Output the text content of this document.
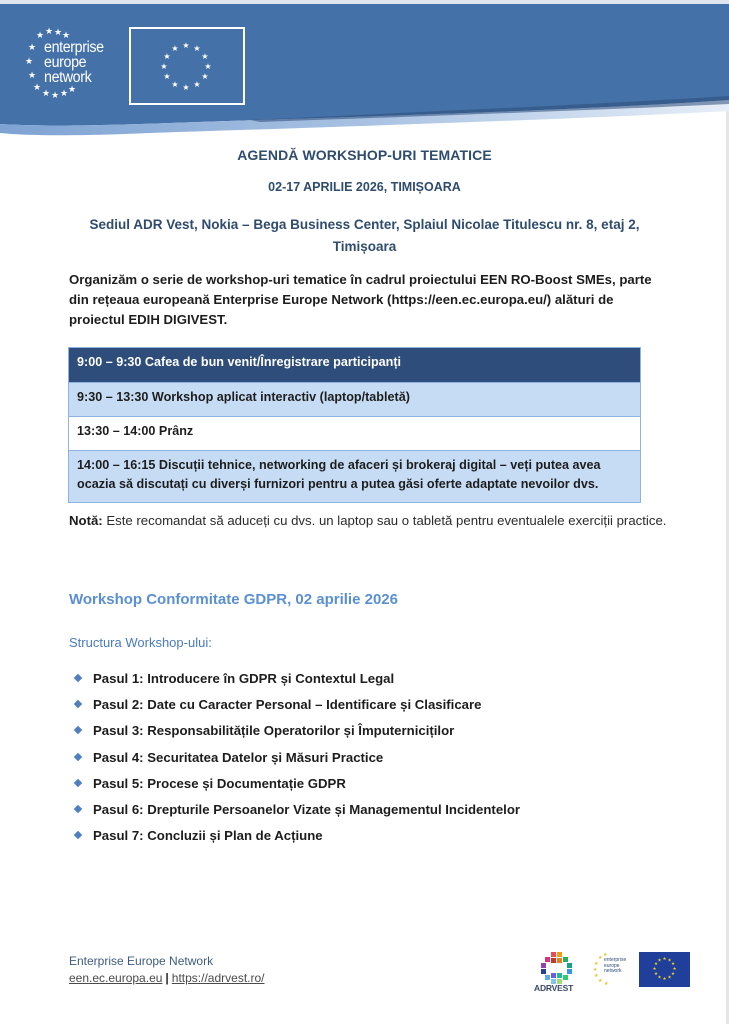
★ ★ ★ ★
★
★
★
★
★ ★ ★ ★
enterprise
europe
network
★ ★
★
★
★
★
★
★
★
★
★
★
AGENDĂ WORKSHOP-URI TEMATICE
02-17 APRILIE 2026, TIMIȘOARA
Sediul ADR Vest, Nokia – Bega Business Center, Splaiul Nicolae Titulescu nr. 8, etaj 2,
Timișoara
Organizăm o serie de workshop-uri tematice în cadrul proiectului EEN RO-Boost SMEs, parte din rețeaua europeană Enterprise Europe Network (https://een.ec.europa.eu/) alături de proiectul EDIH DIGIVEST.
9:00 – 9:30 Cafea de bun venit/Înregistrare participanți
9:30 – 13:30 Workshop aplicat interactiv (laptop/tabletă)
13:30 – 14:00 Prânz
14:00 – 16:15 Discuții tehnice, networking de afaceri și brokeraj digital – veți putea avea ocazia să discutați cu diverși furnizori pentru a putea găsi oferte adaptate nevoilor dvs.
Notă: Este recomandat să aduceți cu dvs. un laptop sau o tabletă pentru eventualele exerciții practice.
Workshop Conformitate GDPR, 02 aprilie 2026
Structura Workshop-ului:
Pasul 1: Introducere în GDPR și Contextul Legal
Pasul 2: Date cu Caracter Personal – Identificare și Clasificare
Pasul 3: Responsabilitățile Operatorilor și Împuterniciților
Pasul 4: Securitatea Datelor și Măsuri Practice
Pasul 5: Procese și Documentație GDPR
Pasul 6: Drepturile Persoanelor Vizate și Managementul Incidentelor
Pasul 7: Concluzii și Plan de Acțiune
Enterprise Europe Network
een.ec.europa.eu | https://adrvest.ro/
ADRVEST
★ ★
★
★
★
★ ★
enterprise
europe
network
★ ★
★
★
★
★
★
★
★
★
★
★
